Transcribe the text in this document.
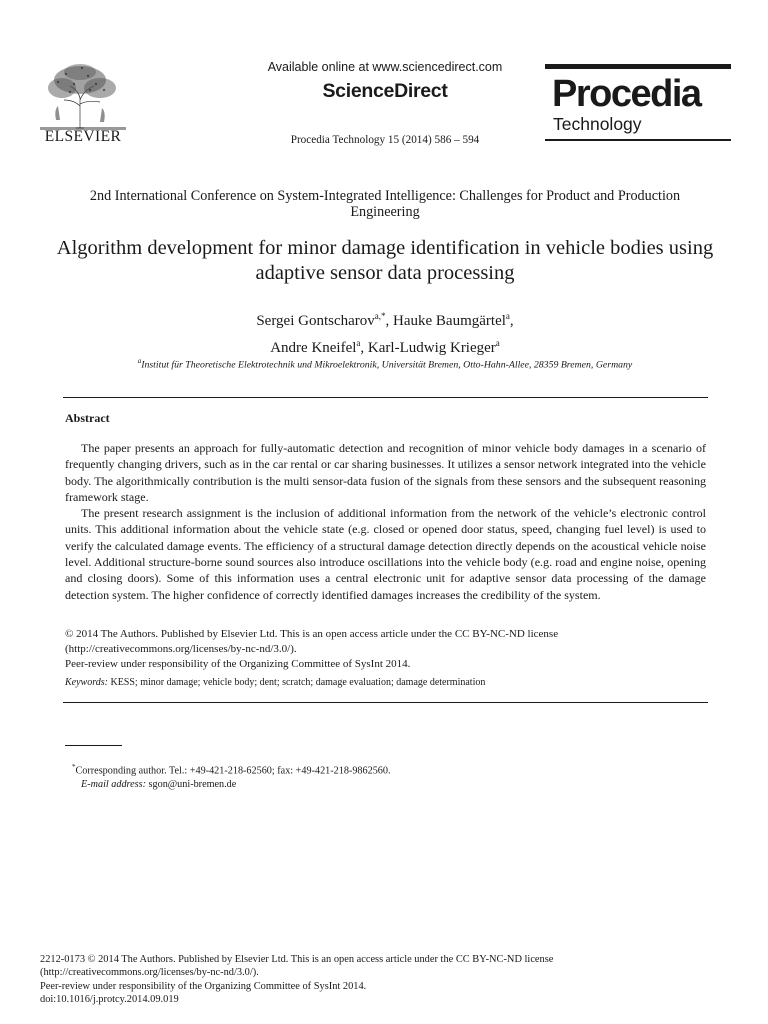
ELSEVIER
Available online at www.sciencedirect.com
ScienceDirect
Procedia Technology 15 (2014) 586 – 594
Procedia
Technology
2nd International Conference on System-Integrated Intelligence: Challenges for Product and Production Engineering
Algorithm development for minor damage identification in vehicle bodies using adaptive sensor data processing
Sergei Gontscharov$^{a,*}$, Hauke Baumgärtel$^a$,
Andre Kneifel$^a$, Karl-Ludwig Krieger$^a$
$^a$Institut für Theoretische Elektrotechnik und Mikroelektronik, Universität Bremen, Otto-Hahn-Allee, 28359 Bremen, Germany
Abstract

The paper presents an approach for fully-automatic detection and recognition of minor vehicle body damages in a scenario of frequently changing drivers, such as in the car rental or car sharing businesses. It utilizes a sensor network integrated into the vehicle body. The algorithmically contribution is the multi sensor-data fusion of the signals from these sensors and the subsequent reasoning framework stage.

The present research assignment is the inclusion of additional information from the network of the vehicle’s electronic control units. This additional information about the vehicle state (e.g. closed or opened door status, speed, changing fuel level) is used to verify the calculated damage events. The efficiency of a structural damage detection directly depends on the acoustical vehicle noise level. Additional structure-borne sound sources also introduce oscillations into the vehicle body (e.g. road and engine noise, opening and closing doors). Some of this information uses a central electronic unit for adaptive sensor data processing of the damage detection system. The higher confidence of correctly identified damages increases the credibility of the system.

© 2014 The Authors. Published by Elsevier Ltd. This is an open access article under the CC BY-NC-ND license
(http://creativecommons.org/licenses/by-nc-nd/3.0/).
Peer-review under responsibility of the Organizing Committee of SysInt 2014.
Keywords: KESS; minor damage; vehicle body; dent; scratch; damage evaluation; damage determination
*Corresponding author. Tel.: +49-421-218-62560; fax: +49-421-218-9862560.
E-mail address: sgon@uni-bremen.de
2212-0173 © 2014 The Authors. Published by Elsevier Ltd. This is an open access article under the CC BY-NC-ND license
(http://creativecommons.org/licenses/by-nc-nd/3.0/).
Peer-review under responsibility of the Organizing Committee of SysInt 2014.
doi:10.1016/j.protcy.2014.09.019
